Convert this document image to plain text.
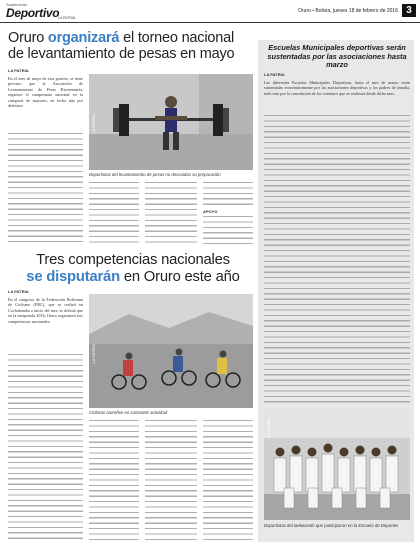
Suplemento
Deportivo
LA PATRIA
Oruro • Bolivia, jueves 18 de febrero de 2016 3
Oruro organizará el torneo nacional
de levantamiento de pesas en mayo
LA PATRIA
En el mes de mayo de esta gestión, se tiene previsto que la Asociación de Levantamiento de Pesas Bicentenaria, organice el campeonato nacional en la categoría de mayores, en fecha aún por definirse.
LA PATRIA
Deportistas del levantamiento de pesas no descuidan su preparación
APOYO
Tres competencias nacionales
se disputarán en Oruro este año
LA PATRIA
En el congreso de la Federación Boliviana de Ciclismo (FBC), que se realizó en Cochabamba a inicio del mes, se definió que en la temporada 2016, Oruro organizará tres competencias nacionales.
LA PATRIA
Ciclistas orureños en constante actividad
Escuelas Municipales deportivas serán sustentadas por las asociaciones hasta marzo
LA PATRIA
Las diferentes Escuelas Municipales Deportivas, hasta el mes de marzo serán sustentadas económicamente por las asociaciones deportivas y los padres de familia, todo esto por la cancelación de los contratos que se realizará desde dicho mes.
LA PATRIA
Deportistas del taekwondo que participaron en la Escuela de Deportes
